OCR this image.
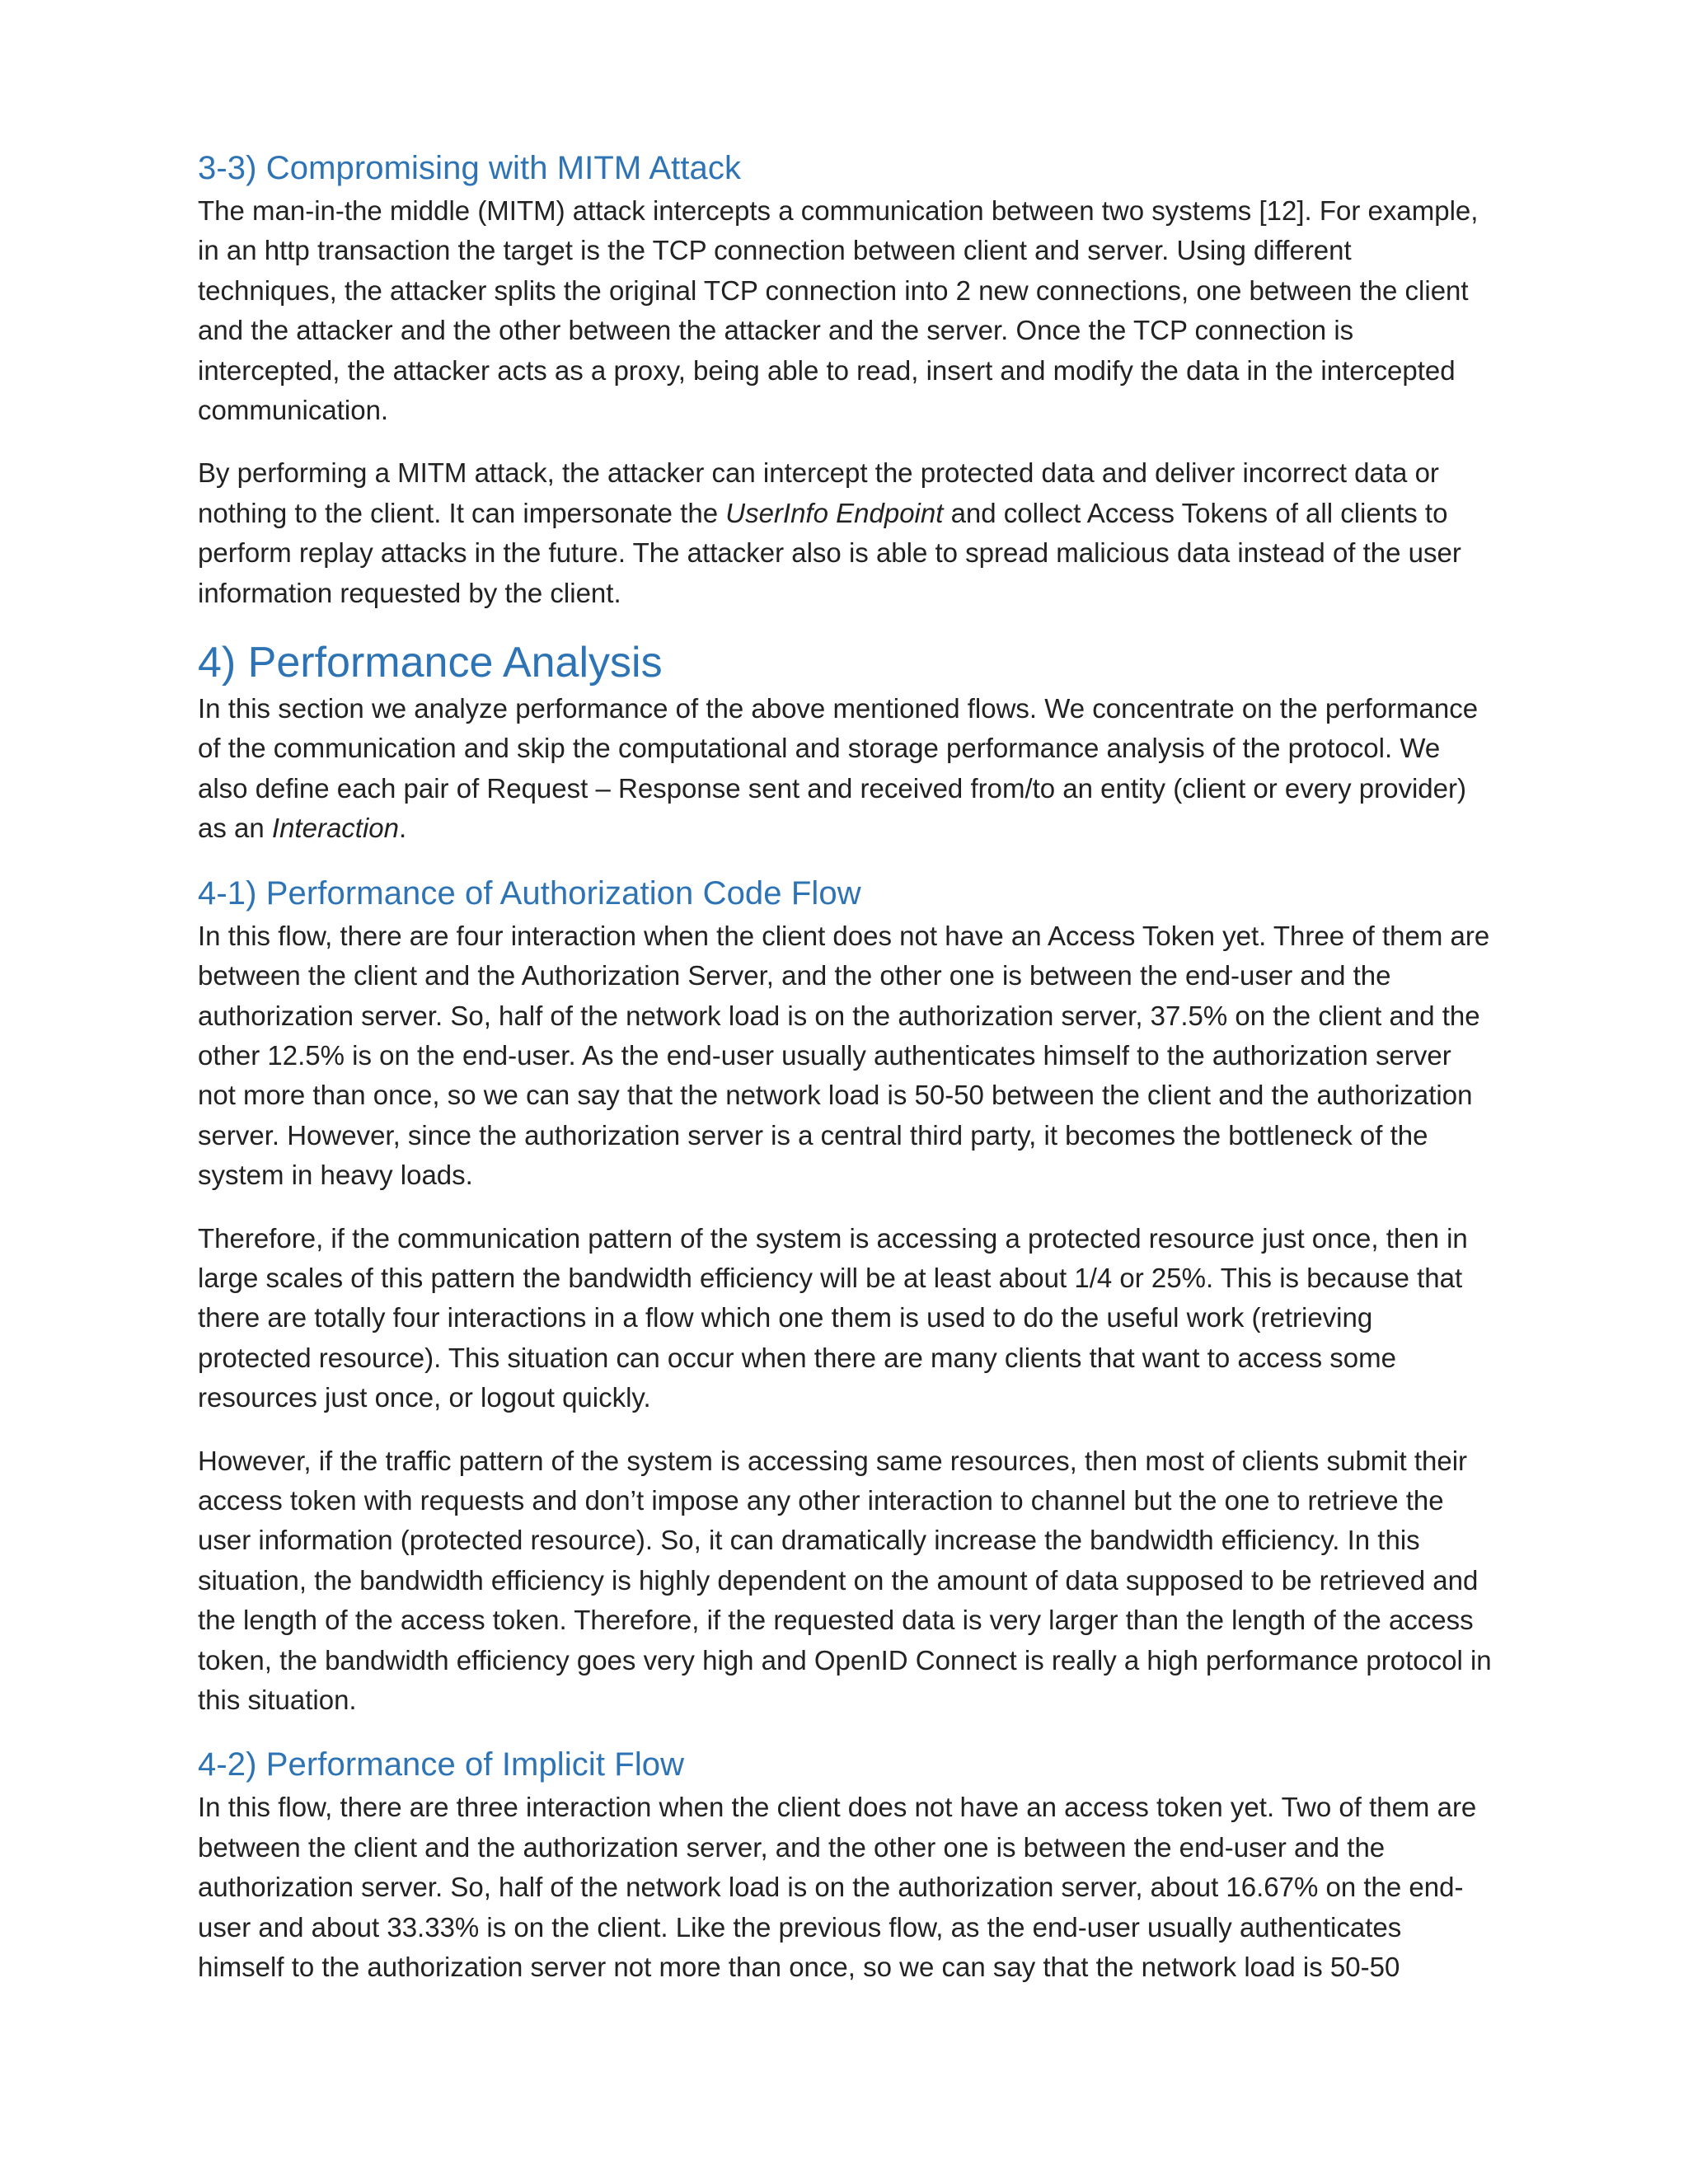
3-3) Compromising with MITM Attack

The man-in-the middle (MITM) attack intercepts a communication between two systems [12]. For example, in an http transaction the target is the TCP connection between client and server. Using different techniques, the attacker splits the original TCP connection into 2 new connections, one between the client and the attacker and the other between the attacker and the server. Once the TCP connection is intercepted, the attacker acts as a proxy, being able to read, insert and modify the data in the intercepted communication.

By performing a MITM attack, the attacker can intercept the protected data and deliver incorrect data or nothing to the client. It can impersonate the UserInfo Endpoint and collect Access Tokens of all clients to perform replay attacks in the future. The attacker also is able to spread malicious data instead of the user information requested by the client.

4) Performance Analysis

In this section we analyze performance of the above mentioned flows. We concentrate on the performance of the communication and skip the computational and storage performance analysis of the protocol. We also define each pair of Request – Response sent and received from/to an entity (client or every provider) as an Interaction.

4-1) Performance of Authorization Code Flow

In this flow, there are four interaction when the client does not have an Access Token yet. Three of them are between the client and the Authorization Server, and the other one is between the end-user and the authorization server. So, half of the network load is on the authorization server, 37.5% on the client and the other 12.5% is on the end-user. As the end-user usually authenticates himself to the authorization server not more than once, so we can say that the network load is 50-50 between the client and the authorization server. However, since the authorization server is a central third party, it becomes the bottleneck of the system in heavy loads.

Therefore, if the communication pattern of the system is accessing a protected resource just once, then in large scales of this pattern the bandwidth efficiency will be at least about 1/4 or 25%. This is because that there are totally four interactions in a flow which one them is used to do the useful work (retrieving protected resource). This situation can occur when there are many clients that want to access some resources just once, or logout quickly.

However, if the traffic pattern of the system is accessing same resources, then most of clients submit their access token with requests and don’t impose any other interaction to channel but the one to retrieve the user information (protected resource). So, it can dramatically increase the bandwidth efficiency. In this situation, the bandwidth efficiency is highly dependent on the amount of data supposed to be retrieved and the length of the access token. Therefore, if the requested data is very larger than the length of the access token, the bandwidth efficiency goes very high and OpenID Connect is really a high performance protocol in this situation.

4-2) Performance of Implicit Flow

In this flow, there are three interaction when the client does not have an access token yet. Two of them are between the client and the authorization server, and the other one is between the end-user and the authorization server. So, half of the network load is on the authorization server, about 16.67% on the end-user and about 33.33% is on the client. Like the previous flow, as the end-user usually authenticates himself to the authorization server not more than once, so we can say that the network load is 50-50
